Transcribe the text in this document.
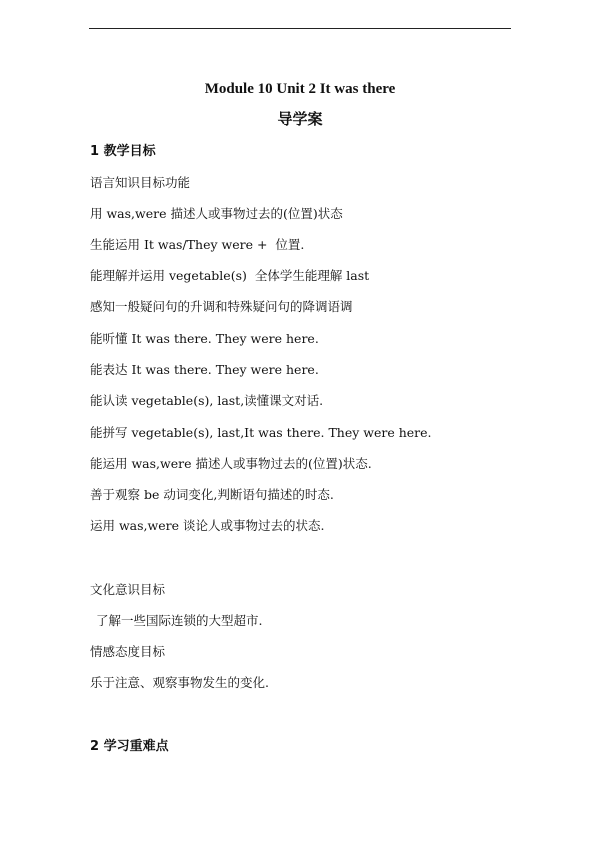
Module 10 Unit 2 It was there
导学案
1 教学目标
语言知识目标功能
用 was,were 描述人或事物过去的(位置)状态
生能运用 It was/They were +  位置.
能理解并运用 vegetable(s)  全体学生能理解 last
感知一般疑问句的升调和特殊疑问句的降调语调
能听懂 It was there. They were here.
能表达 It was there. They were here.
能认读 vegetable(s), last,读懂课文对话.
能拼写 vegetable(s), last,It was there. They were here.
能运用 was,were 描述人或事物过去的(位置)状态.
善于观察 be 动词变化,判断语句描述的时态.
运用 was,were 谈论人或事物过去的状态.
文化意识目标
了解一些国际连锁的大型超市.
情感态度目标
乐于注意、观察事物发生的变化.
2 学习重难点
